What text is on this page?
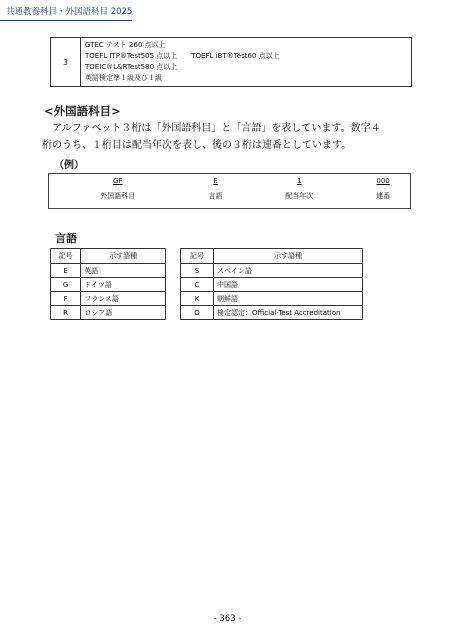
共通教養科目・外国語科目 2025
3	
GTEC テスト 260 点以上
TOEFL ITP®Test505 点以上　　TOEFL iBT®Test60 点以上
TOEIC®L&RTest580 点以上
英語検定準１級及び１級
<外国語科目>
アルファベット３桁は「外国語科目」と「言語」を表しています。数字４
桁のうち、１桁目は配当年次を表し、後の３桁は連番としています。
（例）
GF	E	1	000
外国語科目	言語	配当年次	連番
言語
記号	示す語種
E	英語
G	ドイツ語
F	フランス語
R	ロシア語
記号	示す語種
S	スペイン語
C	中国語
K	朝鮮語
O	検定認定：Official-Test Accreditation
- 363 -
